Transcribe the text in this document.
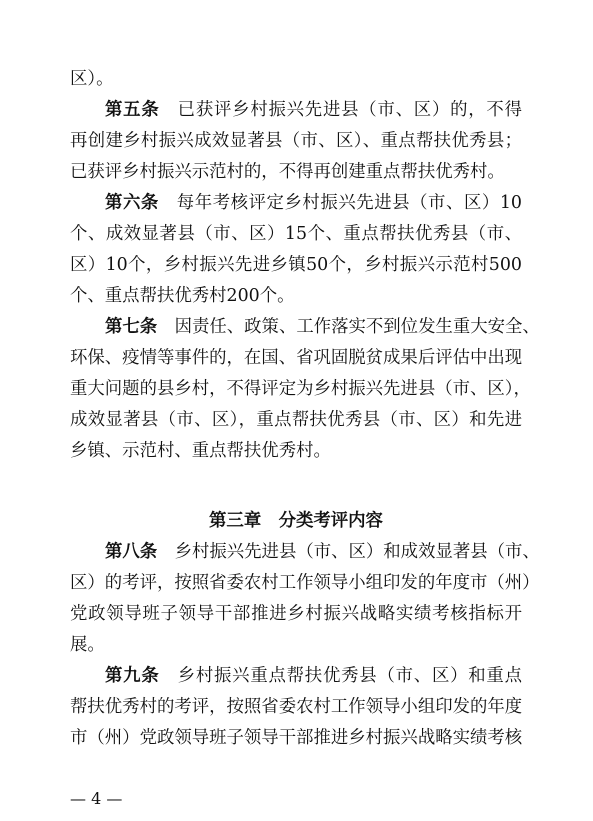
区）。
第五条　 已获评乡村振兴先进县（市、区）的，不得
再创建乡村振兴成效显著县（市、区）、重点帮扶优秀县；
已获评乡村振兴示范村的，不得再创建重点帮扶优秀村。
第六条　 每年考核评定乡村振兴先进县（市、区）10
个、成效显著县（市、区）15个、重点帮扶优秀县（市、
区）10个，乡村振兴先进乡镇50个，乡村振兴示范村500
个、重点帮扶优秀村200个。
第七条　 因责任、政策、工作落实不到位发生重大安全、
环保、疫情等事件的，在国、省巩固脱贫成果后评估中出现
重大问题的县乡村，不得评定为乡村振兴先进县（市、区），
成效显著县（市、区），重点帮扶优秀县（市、区）和先进
乡镇、示范村、重点帮扶优秀村。
第三章　分类考评内容
第八条　 乡村振兴先进县（市、区）和成效显著县（市、
区）的考评，按照省委农村工作领导小组印发的年度市（州）
党政领导班子领导干部推进乡村振兴战略实绩考核指标开
展。
第九条　 乡村振兴重点帮扶优秀县（市、区）和重点
帮扶优秀村的考评，按照省委农村工作领导小组印发的年度
市（州）党政领导班子领导干部推进乡村振兴战略实绩考核
— 4 —
